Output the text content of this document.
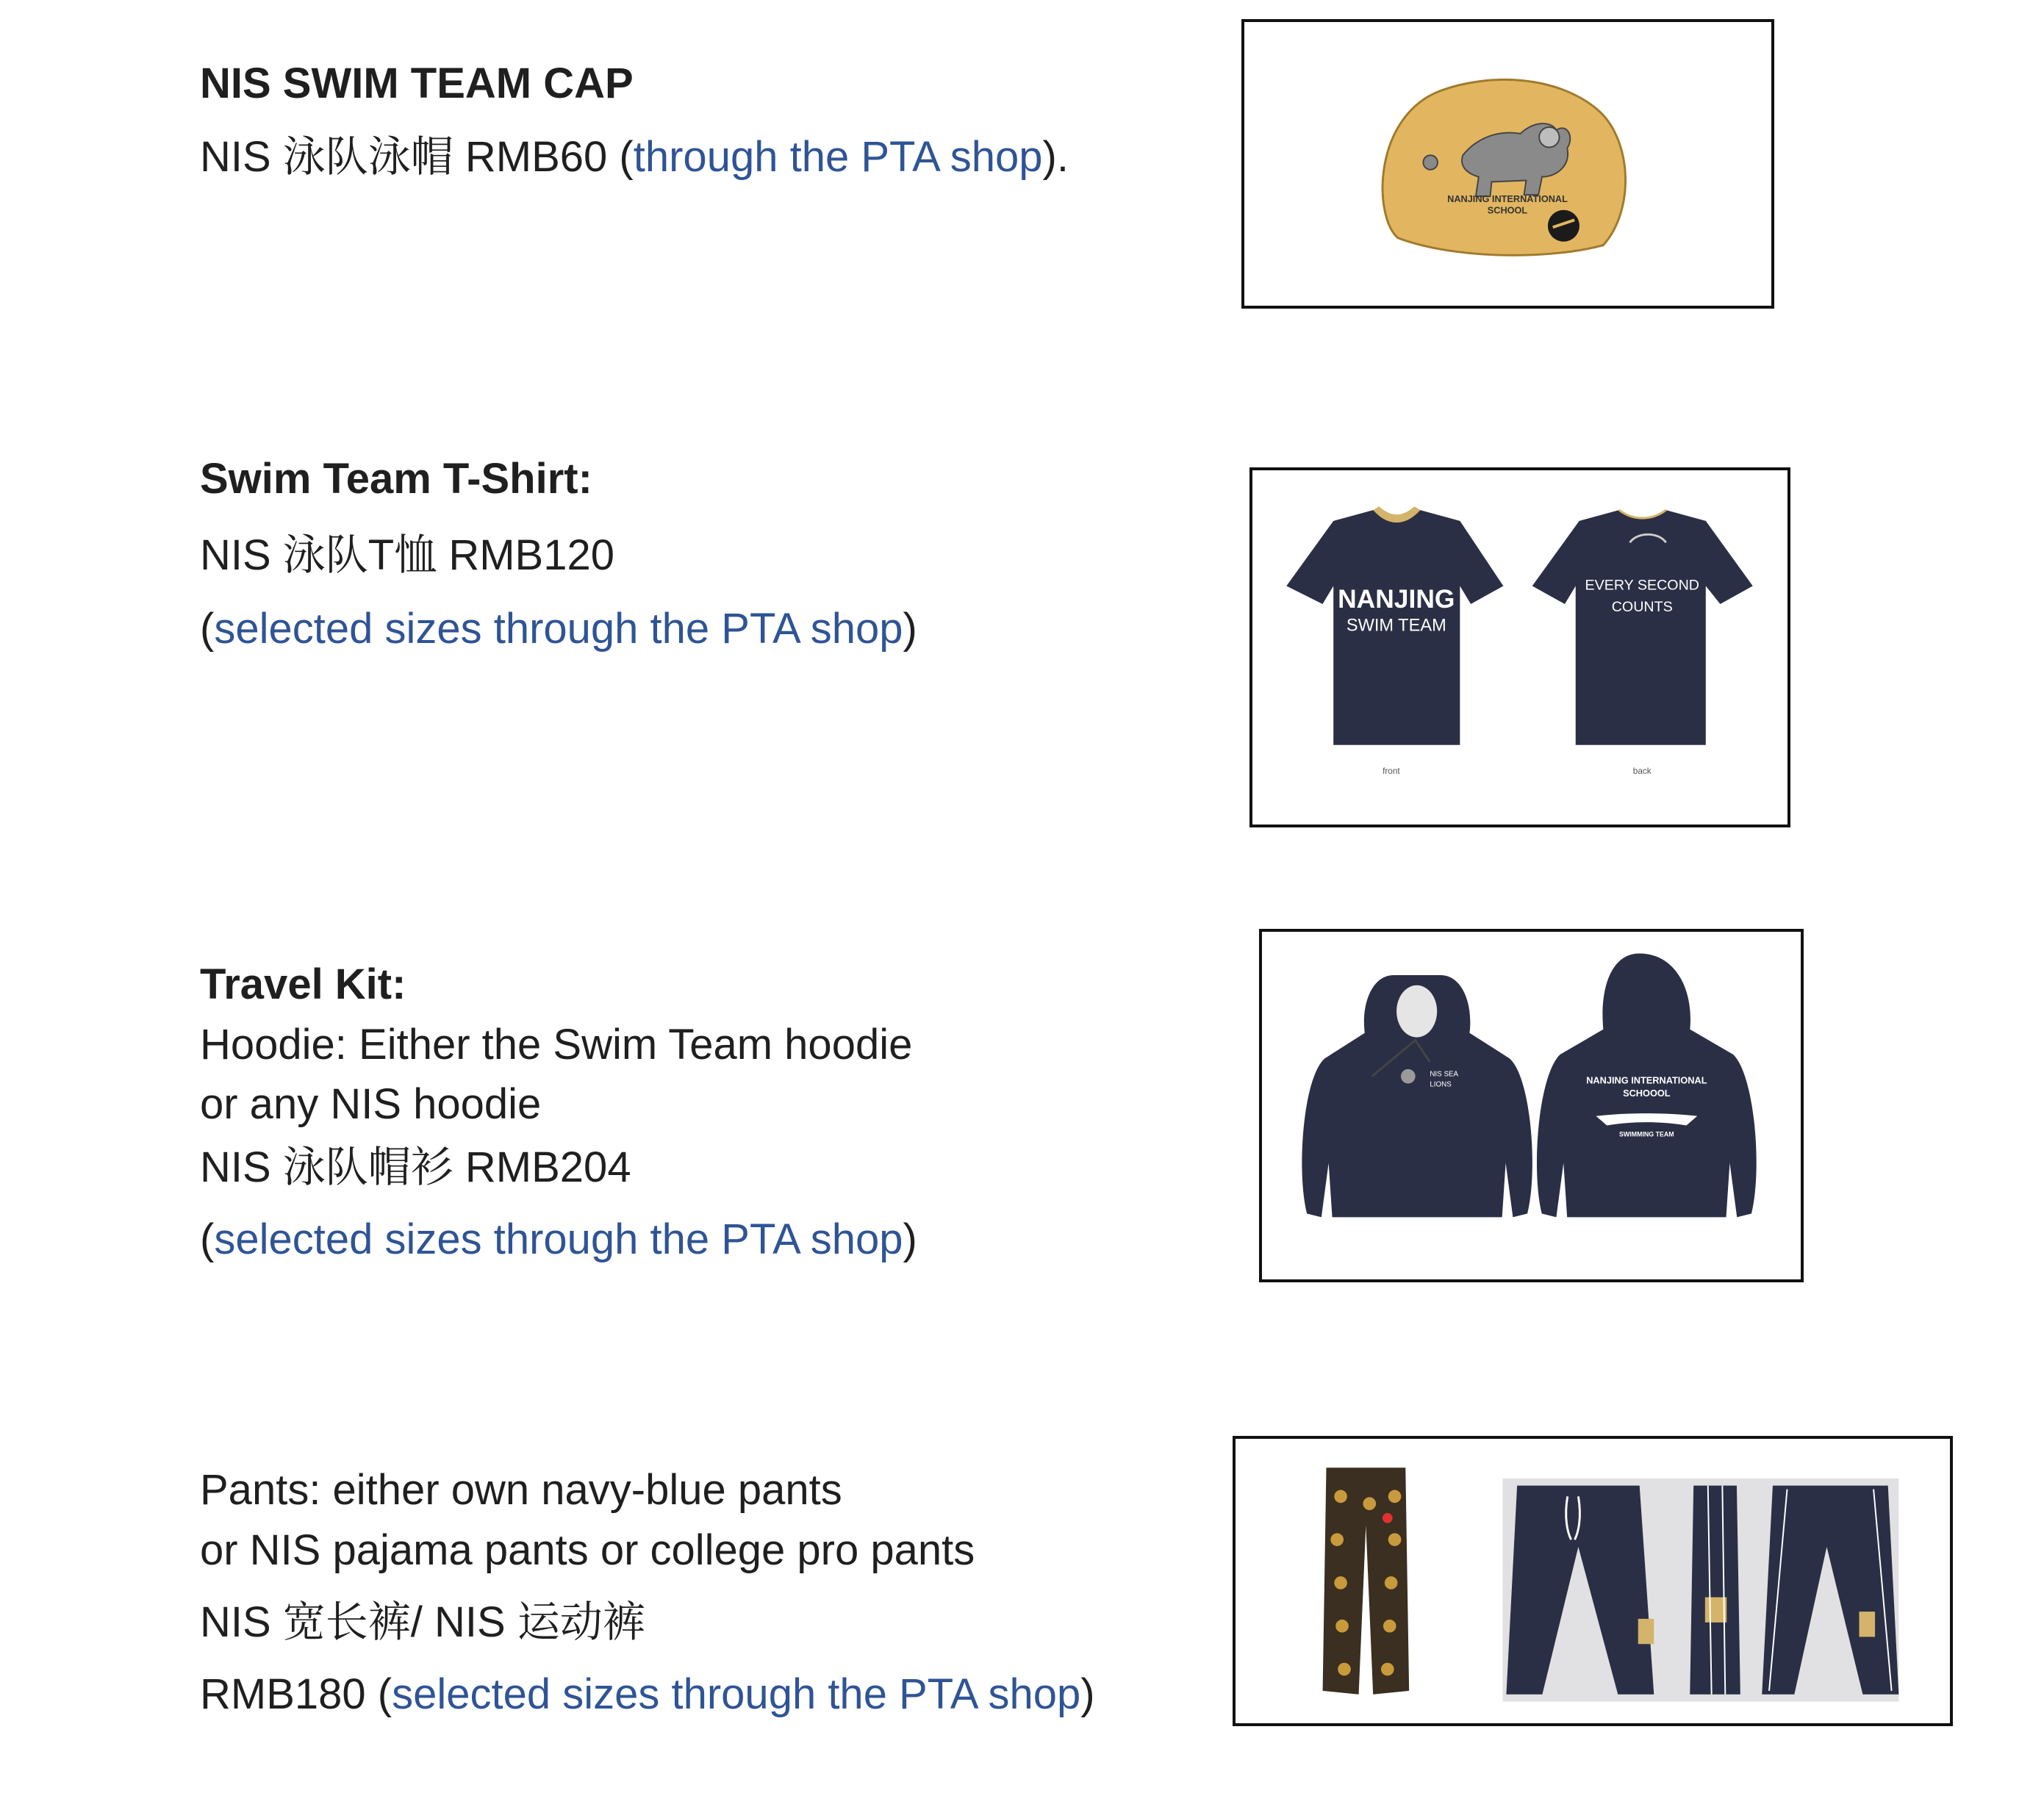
NIS SWIM TEAM CAP

NIS 泳队泳帽 RMB60 (through the PTA shop).

NANJING INTERNATIONAL
SCHOOL

Swim Team T-Shirt:

NIS 泳队T恤 RMB120

(selected sizes through the PTA shop)

NANJING
SWIM TEAM
front
EVERY SECOND
COUNTS
back

Travel Kit:

Hoodie: Either the Swim Team hoodie

or any NIS hoodie

NIS 泳队帽衫 RMB204

(selected sizes through the PTA shop)

NIS SEA
LIONS	NANJING INTERNATIONAL
SCHOOOL
SWIMMING TEAM

Pants: either own navy-blue pants

or NIS pajama pants or college pro pants

NIS 宽长裤/ NIS 运动裤

RMB180 (selected sizes through the PTA shop)
